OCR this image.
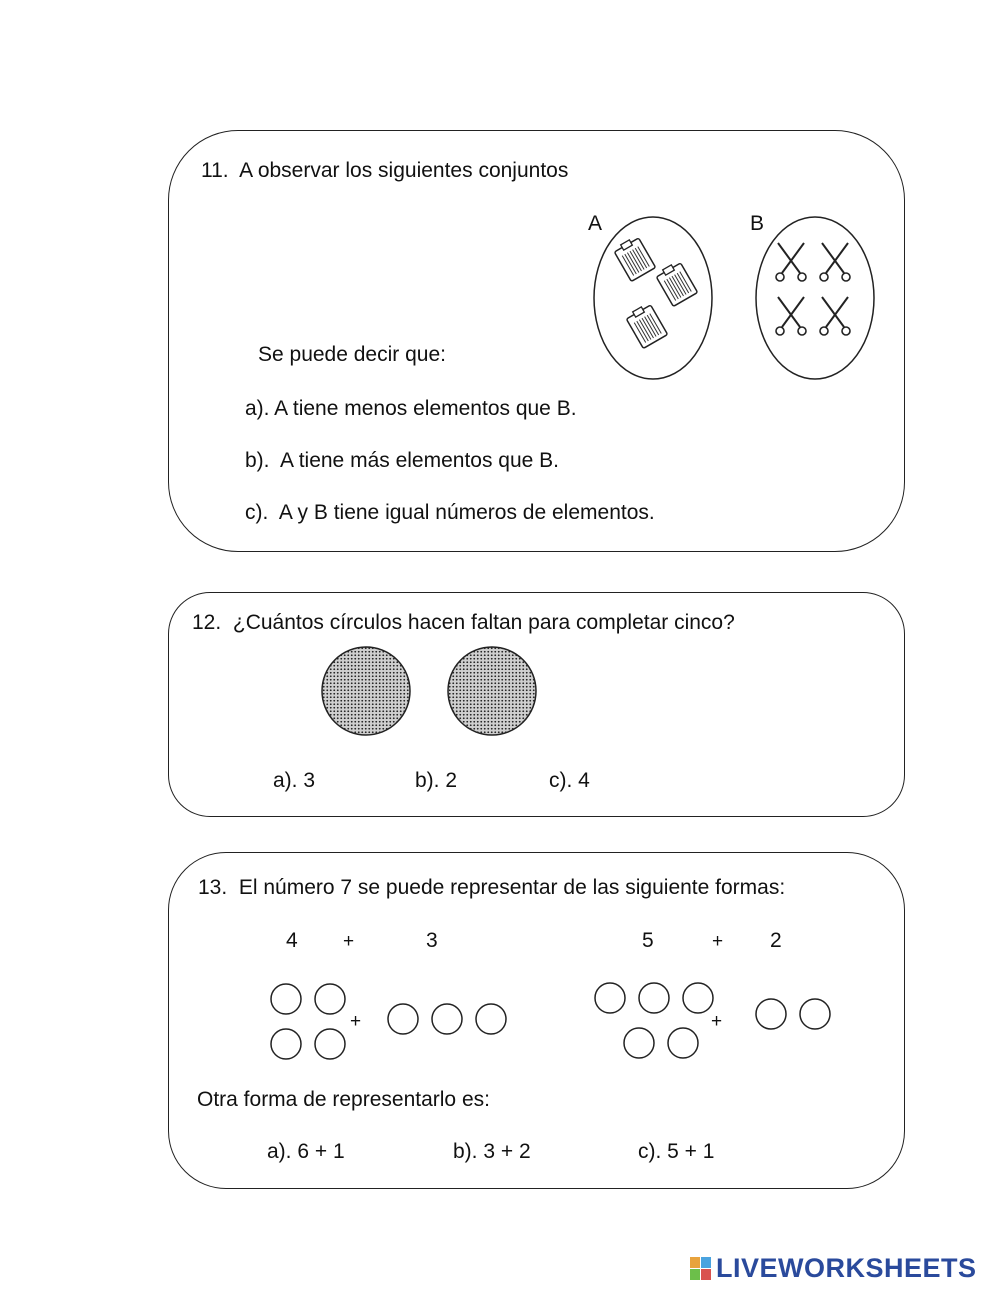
11.  A observar los siguientes conjuntos
A	B
Se puede decir que:
a). A tiene menos elementos que B.
b).  A tiene más elementos que B.
c).  A y B tiene igual números de elementos.
12.  ¿Cuántos círculos hacen faltan para completar cinco?
a). 3	b). 2	c). 4
13.  El número 7 se puede representar de las siguiente formas:
4 +	3	5	+ 2
+	+
Otra forma de representarlo es:
a). 6 + 1	b). 3 + 2	c). 5 + 1
LIVEWORKSHEETS
